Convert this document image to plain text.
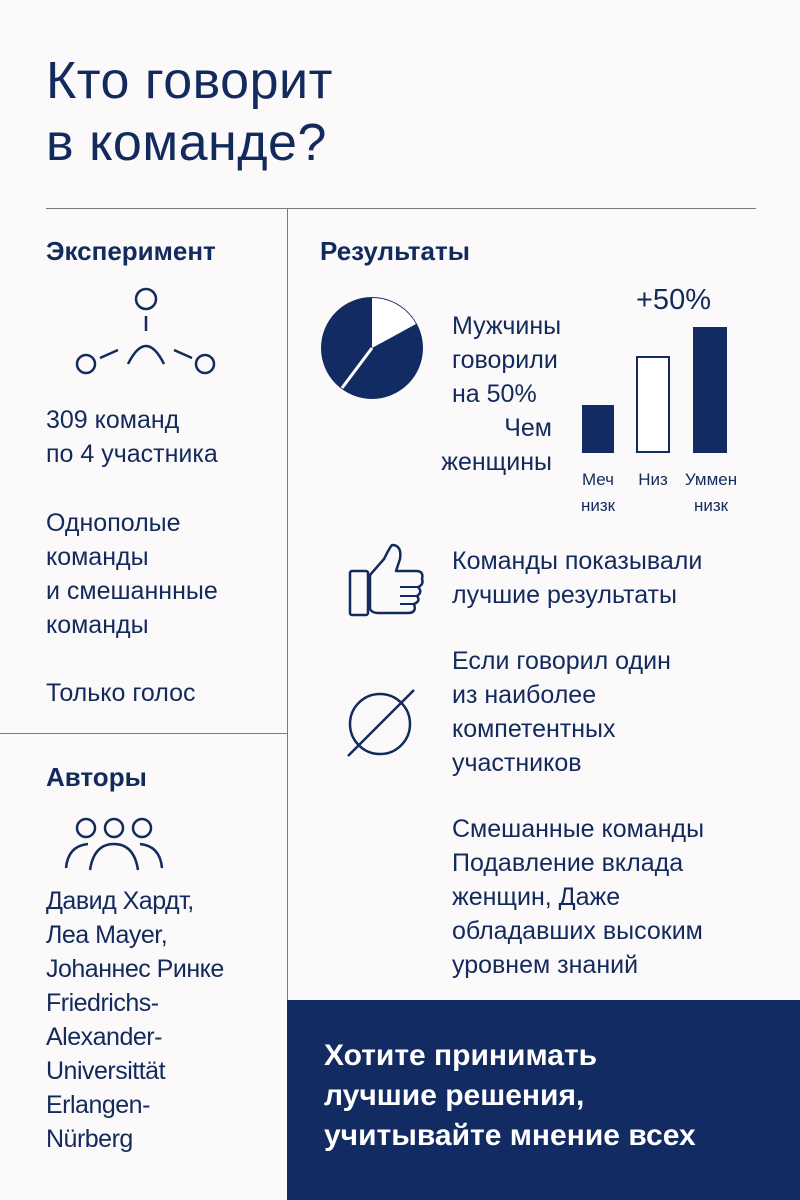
Кто говорит
в команде?
Эксперимент
309 команд
по 4 участника
Однополые
команды
и смешаннные
команды
Только голос
Авторы
Давид Хардт,
Леа Mayer,
Johаннес Ринке
Friedrichs-
Alexander-
Universittät
Erlangen-
Nürberg
Результаты
Мужчины
говорили
на 50%
Чем
женщины
+50%
Меч
низк
Низ	Уммен
низк
Команды показывали
лучшие результаты
Если говорил один
из наиболее
компетентных
участников
Смешанные команды
Подавление вклада
женщин, Даже
обладавших высоким
уровнем знаний
Хотите принимать
лучшие решения,
учитывайте мнение всех
